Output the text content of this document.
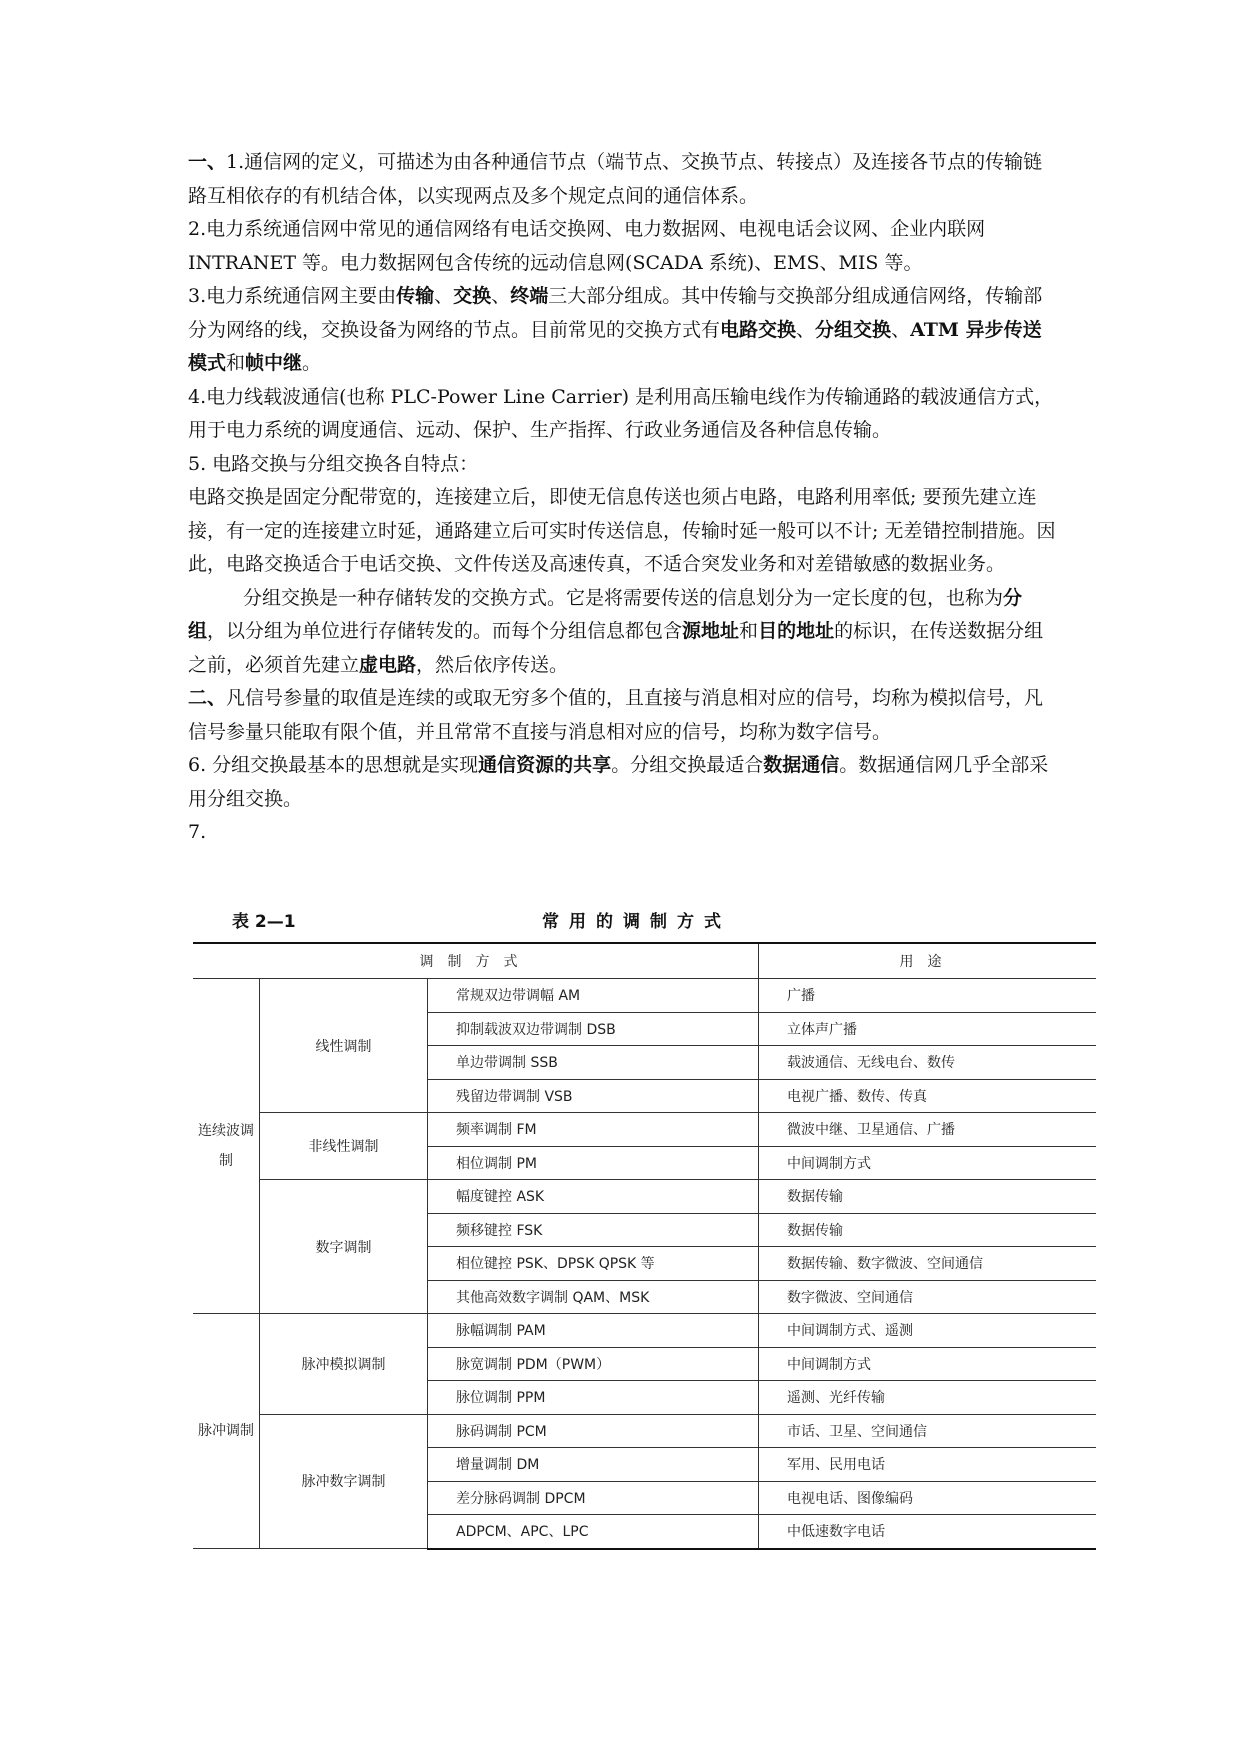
一、1.通信网的定义，可描述为由各种通信节点（端节点、交换节点、转接点）及连接各节点的传输链路互相依存的有机结合体，以实现两点及多个规定点间的通信体系。

2.电力系统通信网中常见的通信网络有电话交换网、电力数据网、电视电话会议网、企业内联网 INTRANET 等。电力数据网包含传统的远动信息网(SCADA 系统)、EMS、MIS 等。

3.电力系统通信网主要由传输、交换、终端三大部分组成。其中传输与交换部分组成通信网络，传输部分为网络的线，交换设备为网络的节点。目前常见的交换方式有电路交换、分组交换、ATM 异步传送模式和帧中继。

4.电力线载波通信(也称 PLC-Power Line Carrier) 是利用高压输电线作为传输通路的载波通信方式，用于电力系统的调度通信、远动、保护、生产指挥、行政业务通信及各种信息传输。

5. 电路交换与分组交换各自特点：

电路交换是固定分配带宽的，连接建立后，即使无信息传送也须占电路，电路利用率低; 要预先建立连接，有一定的连接建立时延，通路建立后可实时传送信息，传输时延一般可以不计; 无差错控制措施。因此，电路交换适合于电话交换、文件传送及高速传真，不适合突发业务和对差错敏感的数据业务。

分组交换是一种存储转发的交换方式。它是将需要传送的信息划分为一定长度的包，也称为分组，以分组为单位进行存储转发的。而每个分组信息都包含源地址和目的地址的标识，在传送数据分组之前，必须首先建立虚电路，然后依序传送。

二、凡信号参量的取值是连续的或取无穷多个值的，且直接与消息相对应的信号，均称为模拟信号，凡信号参量只能取有限个值，并且常常不直接与消息相对应的信号，均称为数字信号。

6. 分组交换最基本的思想就是实现通信资源的共享。分组交换最适合数据通信。数据通信网几乎全部采用分组交换。

7.

表 2—1	常用的调制方式
调制方式			用途
连续波调　制	线性调制	常规双边带调幅 AM	广播
		抑制载波双边带调制 DSB	立体声广播
		单边带调制 SSB	载波通信、无线电台、数传
		残留边带调制 VSB	电视广播、数传、传真
	非线性调制	频率调制 FM	微波中继、卫星通信、广播
		相位调制 PM	中间调制方式
	数字调制	幅度键控 ASK	数据传输
		频移键控 FSK	数据传输
		相位键控 PSK、DPSK QPSK 等	数据传输、数字微波、空间通信
		其他高效数字调制 QAM、MSK	数字微波、空间通信
脉冲调制	脉冲模拟调制	脉幅调制 PAM	中间调制方式、遥测
		脉宽调制 PDM（PWM）	中间调制方式
		脉位调制 PPM	遥测、光纤传输
	脉冲数字调制	脉码调制 PCM	市话、卫星、空间通信
		增量调制 DM	军用、民用电话
		差分脉码调制 DPCM	电视电话、图像编码
		ADPCM、APC、LPC	中低速数字电话
